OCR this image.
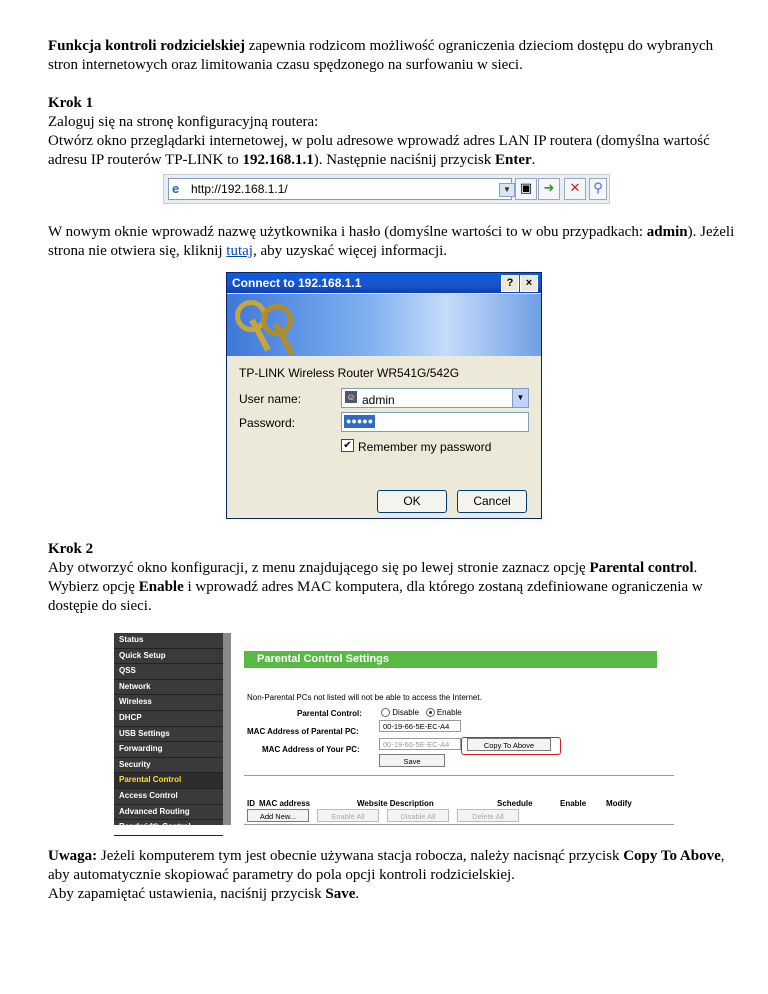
Funkcja kontroli rodzicielskiej zapewnia rodzicom możliwość ograniczenia dzieciom dostępu do wybranych stron internetowych oraz limitowania czasu spędzonego na surfowaniu w sieci.
Krok 1
Zaloguj się na stronę konfiguracyjną routera:
Otwórz okno przeglądarki internetowej, w polu adresowe wprowadź adres LAN IP routera (domyślna wartość adresu IP routerów TP-LINK to 192.168.1.1). Następnie naciśnij przycisk Enter.
e http://192.168.1.1/	▼ ▣ ➜	✕ ⚲
W nowym oknie wprowadź nazwę użytkownika i hasło (domyślne wartości to w obu przypadkach: admin). Jeżeli strona nie otwiera się, kliknij tutaj, aby uzyskać więcej informacji.
Connect to 192.168.1.1	?	×
TP-LINK Wireless Router WR541G/542G
User name:	☺ admin	▼
Password:	●●●●●
✔ Remember my password
OK	Cancel
Krok 2
Aby otworzyć okno konfiguracji, z menu znajdującego się po lewej stronie zaznacz opcję Parental control. Wybierz opcję Enable i wprowadź adres MAC komputera, dla którego zostaną zdefiniowane ograniczenia w dostępie do sieci.
Status
Quick Setup
QSS
Network
Wireless
DHCP
USB Settings
Forwarding
Security
Parental Control
Access Control
Advanced Routing
Bandwidth Control
Parental Control Settings
Non-Parental PCs not listed will not be able to access the Internet.
Parental Control:	Disable Enable
MAC Address of Parental PC:
00-19-66-5E-EC-A4
MAC Address of Your PC:
00-19-66-5E-EC-A4	Copy To Above
Save
ID MAC address	Website Description	Schedule	Enable Modify
Add New...	Enable All	Disable All	Delete All
Uwaga: Jeżeli komputerem tym jest obecnie używana stacja robocza, należy nacisnąć przycisk Copy To Above, aby automatycznie skopiować parametry do pola opcji kontroli rodzicielskiej.
Aby zapamiętać ustawienia, naciśnij przycisk Save.
